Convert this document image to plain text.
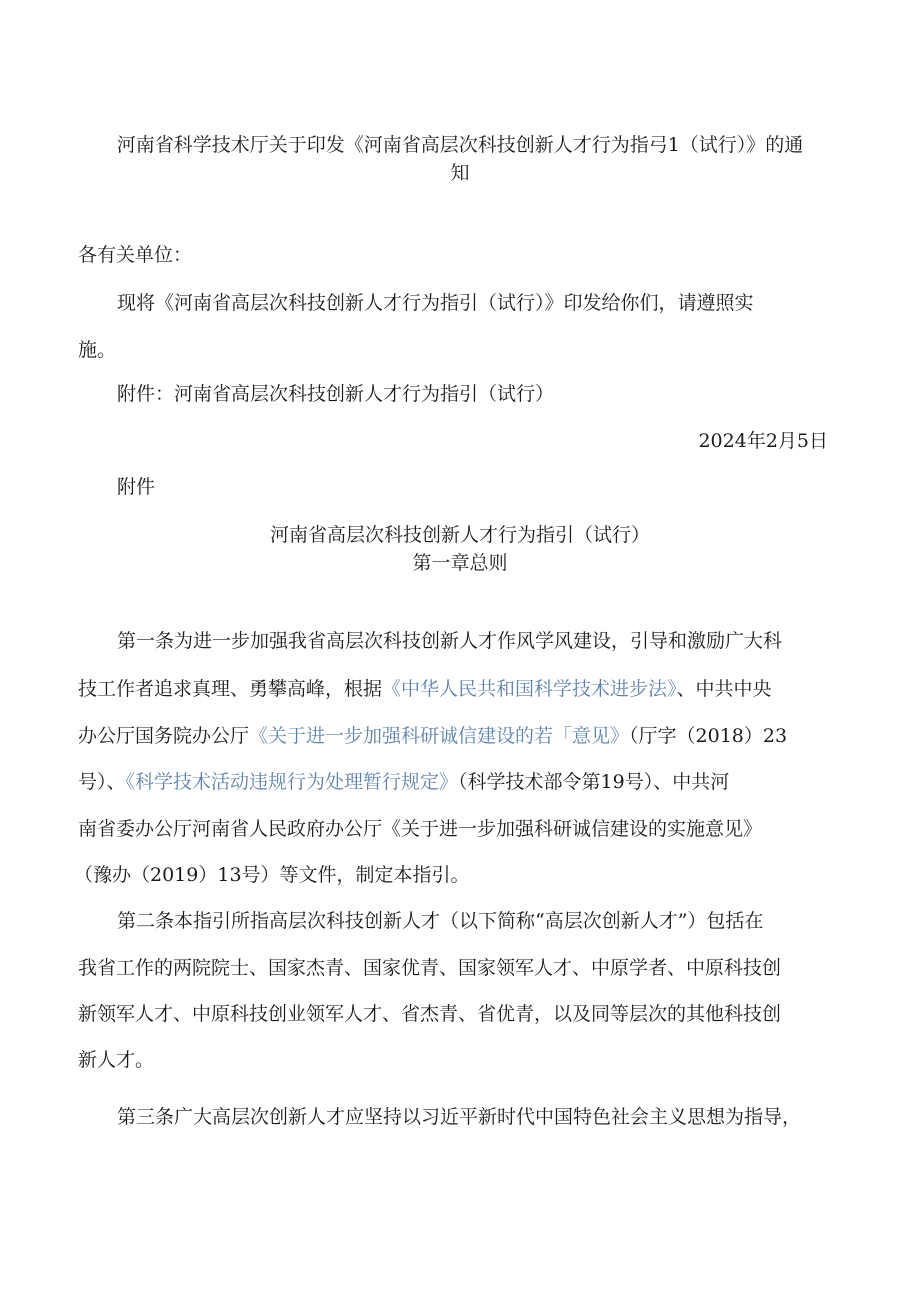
河南省科学技术厅关于印发《河南省高层次科技创新人才行为指弓1（试行）》的通
知

各有关单位：

现将《河南省高层次科技创新人才行为指引（试行）》印发给你们，请遵照实

施。

附件：河南省高层次科技创新人才行为指引（试行）

2024年2月5日

附件

河南省高层次科技创新人才行为指引（试行）

第一章总则

第一条为进一步加强我省高层次科技创新人才作风学风建设，引导和激励广大科

技工作者追求真理、勇攀高峰，根据《中华人民共和国科学技术进步法》、中共中央

办公厅国务院办公厅《关于进一步加强科研诚信建设的若「意见》（厅字（2018）23

号）、《科学技术活动违规行为处理暂行规定》（科学技术部令第19号）、中共河

南省委办公厅河南省人民政府办公厅《关于进一步加强科研诚信建设的实施意见》

（豫办（2019）13号）等文件，制定本指引。

第二条本指引所指高层次科技创新人才（以下简称“高层次创新人才”）包括在

我省工作的两院院士、国家杰青、国家优青、国家领军人才、中原学者、中原科技创

新领军人才、中原科技创业领军人才、省杰青、省优青，以及同等层次的其他科技创

新人才。

第三条广大高层次创新人才应坚持以习近平新时代中国特色社会主义思想为指导，
